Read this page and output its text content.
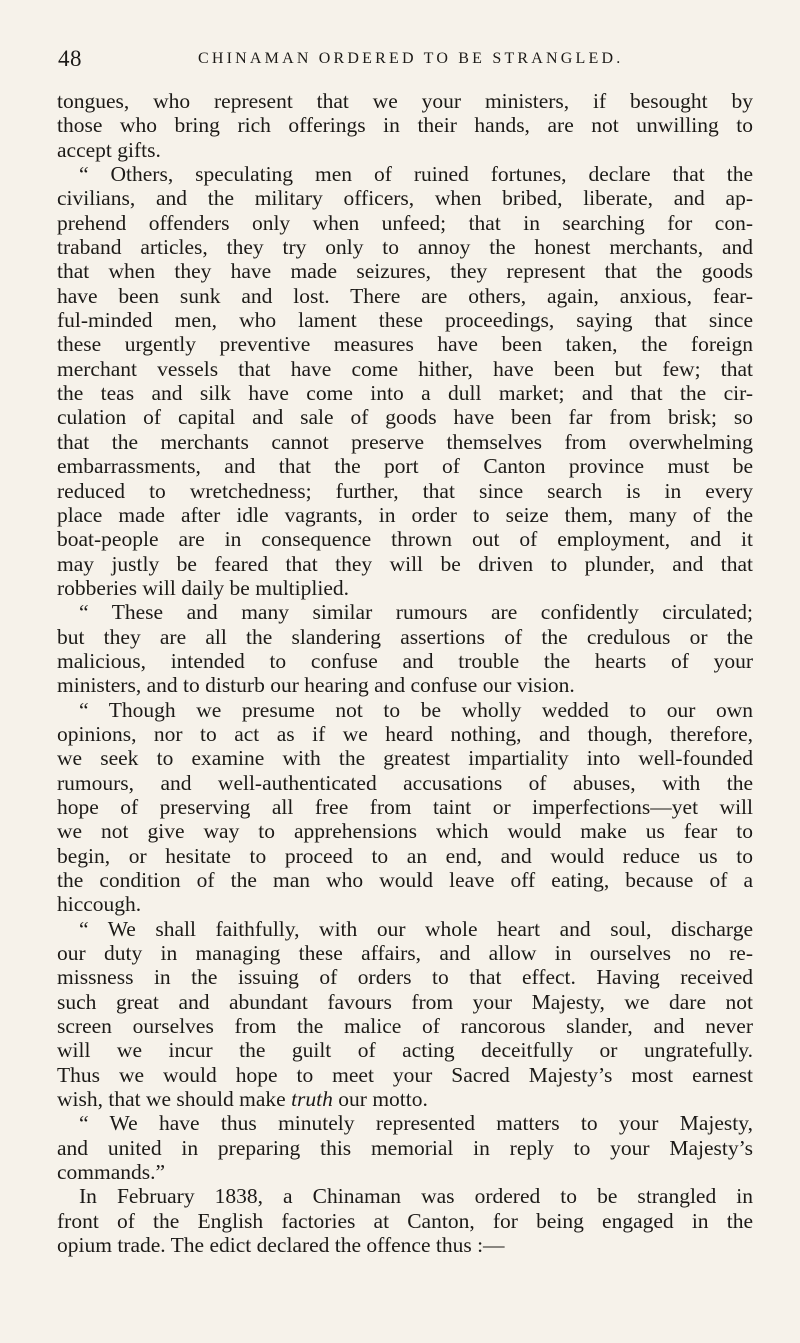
48	CHINAMAN ORDERED TO BE STRANGLED.
tongues, who represent that we your ministers, if besought by
those who bring rich offerings in their hands, are not unwilling to
accept gifts.
“ Others, speculating men of ruined fortunes, declare that the
civilians, and the military officers, when bribed, liberate, and ap-
prehend offenders only when unfeed; that in searching for con-
traband articles, they try only to annoy the honest merchants, and
that when they have made seizures, they represent that the goods
have been sunk and lost. There are others, again, anxious, fear-
ful-minded men, who lament these proceedings, saying that since
these urgently preventive measures have been taken, the foreign
merchant vessels that have come hither, have been but few; that
the teas and silk have come into a dull market; and that the cir-
culation of capital and sale of goods have been far from brisk; so
that the merchants cannot preserve themselves from overwhelming
embarrassments, and that the port of Canton province must be
reduced to wretchedness; further, that since search is in every
place made after idle vagrants, in order to seize them, many of the
boat-people are in consequence thrown out of employment, and it
may justly be feared that they will be driven to plunder, and that
robberies will daily be multiplied.
“ These and many similar rumours are confidently circulated;
but they are all the slandering assertions of the credulous or the
malicious, intended to confuse and trouble the hearts of your
ministers, and to disturb our hearing and confuse our vision.
“ Though we presume not to be wholly wedded to our own
opinions, nor to act as if we heard nothing, and though, therefore,
we seek to examine with the greatest impartiality into well-founded
rumours, and well-authenticated accusations of abuses, with the
hope of preserving all free from taint or imperfections—yet will
we not give way to apprehensions which would make us fear to
begin, or hesitate to proceed to an end, and would reduce us to
the condition of the man who would leave off eating, because of a
hiccough.
“ We shall faithfully, with our whole heart and soul, discharge
our duty in managing these affairs, and allow in ourselves no re-
missness in the issuing of orders to that effect. Having received
such great and abundant favours from your Majesty, we dare not
screen ourselves from the malice of rancorous slander, and never
will we incur the guilt of acting deceitfully or ungratefully.
Thus we would hope to meet your Sacred Majesty’s most earnest
wish, that we should make truth our motto.
“ We have thus minutely represented matters to your Majesty,
and united in preparing this memorial in reply to your Majesty’s
commands.”
In February 1838, a Chinaman was ordered to be strangled in
front of the English factories at Canton, for being engaged in the
opium trade. The edict declared the offence thus :—
